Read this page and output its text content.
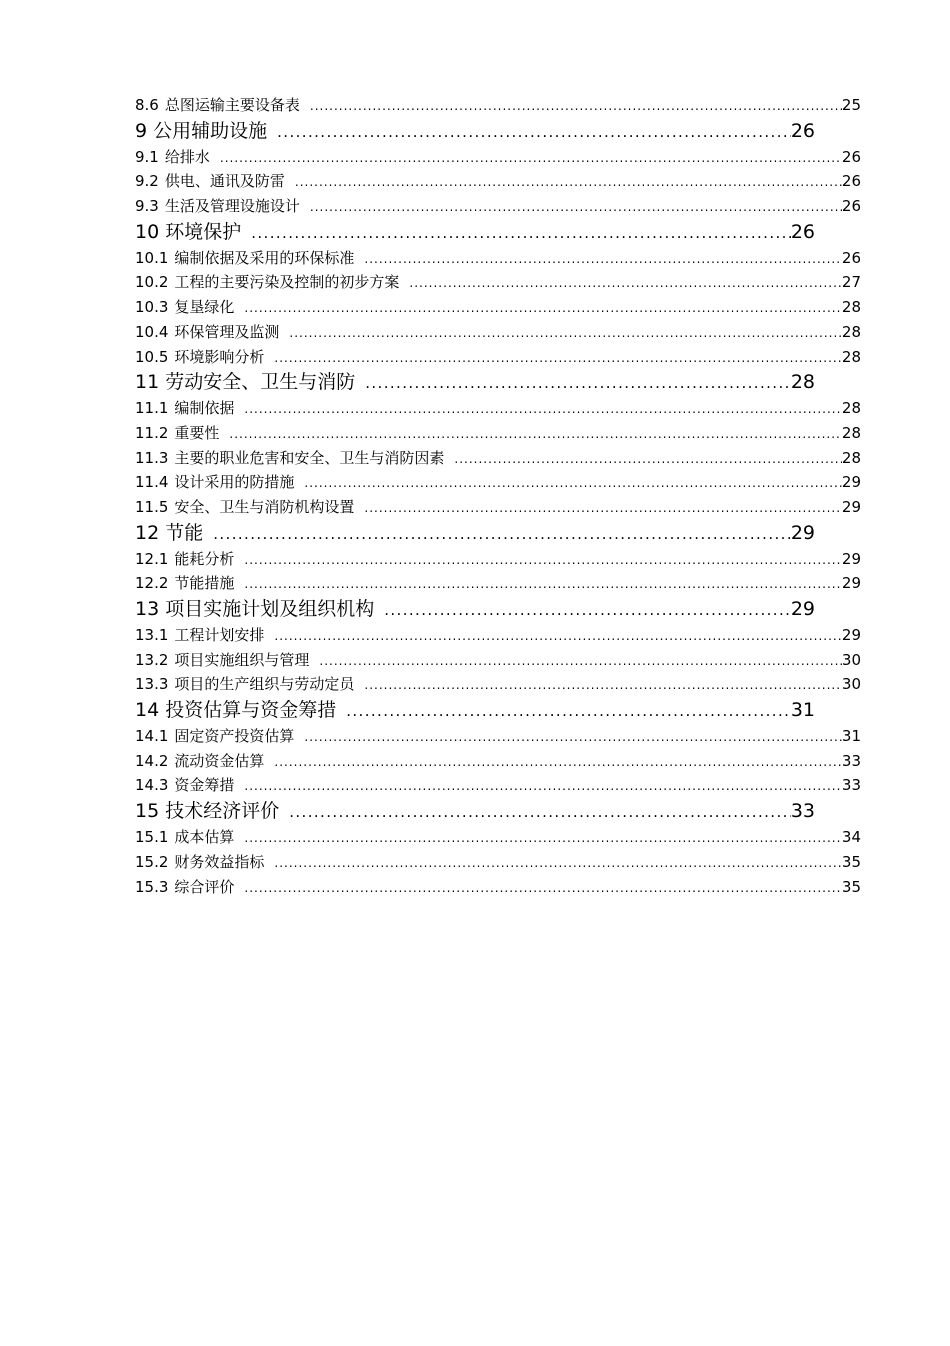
8.6 总图运输主要设备表 .....	25
9 公用辅助设施 .....	26
9.1 给排水 .....	26
9.2 供电、通讯及防雷 .....	26
9.3 生活及管理设施设计 .....	26
10 环境保护 .....	26
10.1 编制依据及采用的环保标准 .....	26
10.2 工程的主要污染及控制的初步方案 .....	27
10.3 复垦绿化 .....	28
10.4 环保管理及监测 .....	28
10.5 环境影响分析 .....	28
11 劳动安全、卫生与消防 .....	28
11.1 编制依据 .....	28
11.2 重要性 .....	28
11.3 主要的职业危害和安全、卫生与消防因素 .....	28
11.4 设计采用的防措施 .....	29
11.5 安全、卫生与消防机构设置 .....	29
12 节能 .....	29
12.1 能耗分析 .....	29
12.2 节能措施 .....	29
13 项目实施计划及组织机构 .....	29
13.1 工程计划安排 .....	29
13.2 项目实施组织与管理 .....	30
13.3 项目的生产组织与劳动定员 .....	30
14 投资估算与资金筹措 .....	31
14.1 固定资产投资估算 .....	31
14.2 流动资金估算 .....	33
14.3 资金筹措 .....	33
15 技术经济评价 .....	33
15.1 成本估算 .....	34
15.2 财务效益指标 .....	35
15.3 综合评价 .....	35
